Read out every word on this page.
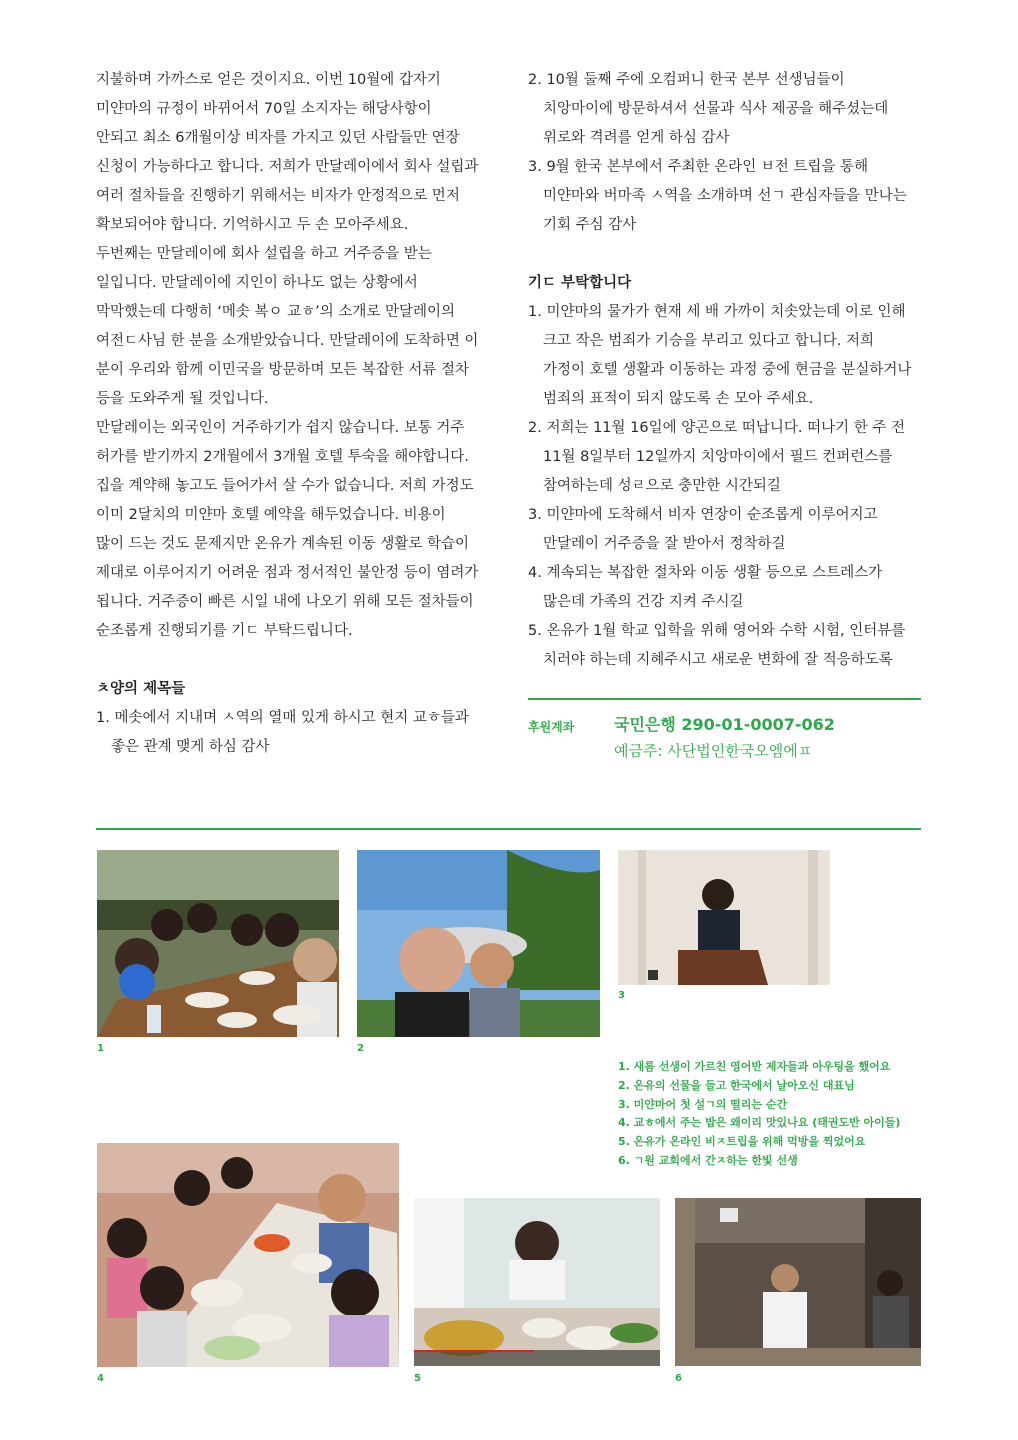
지불하며 가까스로 얻은 것이지요. 이번 10월에 갑자기

미얀마의 규정이 바뀌어서 70일 소지자는 해당사항이

안되고 최소 6개월이상 비자를 가지고 있던 사람들만 연장

신청이 가능하다고 합니다. 저희가 만달레이에서 회사 설립과

여러 절차들을 진행하기 위해서는 비자가 안정적으로 먼저

확보되어야 합니다. 기억하시고 두 손 모아주세요.

두번째는 만달레이에 회사 설립을 하고 거주증을 받는

일입니다. 만달레이에 지인이 하나도 없는 상황에서

막막했는데 다행히 ‘메솟 복ㅇ 교ㅎ’의 소개로 만달레이의

여전ㄷ사님 한 분을 소개받았습니다. 만달레이에 도착하면 이

분이 우리와 함께 이민국을 방문하며 모든 복잡한 서류 절차

등을 도와주게 될 것입니다.

만달레이는 외국인이 거주하기가 쉽지 않습니다. 보통 거주

허가를 받기까지 2개월에서 3개월 호텔 투숙을 해야합니다.

집을 계약해 놓고도 들어가서 살 수가 없습니다. 저희 가정도

이미 2달치의 미얀마 호텔 예약을 해두었습니다. 비용이

많이 드는 것도 문제지만 온유가 계속된 이동 생활로 학습이

제대로 이루어지기 어려운 점과 정서적인 불안정 등이 염려가

됩니다. 거주증이 빠른 시일 내에 나오기 위해 모든 절차들이

순조롭게 진행되기를 기ㄷ 부탁드립니다.

ㅊ양의 제목들

1. 메솟에서 지내며 ㅅ역의 열매 있게 하시고 현지 교ㅎ들과

좋은 관계 맺게 하심 감사

2. 10월 둘째 주에 오컴퍼니 한국 본부 선생님들이

치앙마이에 방문하셔서 선물과 식사 제공을 해주셨는데

위로와 격려를 얻게 하심 감사

3. 9월 한국 본부에서 주최한 온라인 ㅂ전 트립을 통해

미얀마와 버마족 ㅅ역을 소개하며 선ㄱ 관심자들을 만나는

기회 주심 감사

기ㄷ 부탁합니다

1. 미얀마의 물가가 현재 세 배 가까이 치솟았는데 이로 인해

크고 작은 범죄가 기승을 부리고 있다고 합니다. 저희

가정이 호텔 생활과 이동하는 과정 중에 현금을 분실하거나

범죄의 표적이 되지 않도록 손 모아 주세요.

2. 저희는 11월 16일에 양곤으로 떠납니다. 떠나기 한 주 전

11월 8일부터 12일까지 치앙마이에서 필드 컨퍼런스를

참여하는데 성ㄹ으로 충만한 시간되길

3. 미얀마에 도착해서 비자 연장이 순조롭게 이루어지고

만달레이 거주증을 잘 받아서 정착하길

4. 계속되는 복잡한 절차와 이동 생활 등으로 스트레스가

많은데 가족의 건강 지켜 주시길

5. 온유가 1월 학교 입학을 위해 영어와 수학 시험, 인터뷰를

치러야 하는데 지혜주시고 새로운 변화에 잘 적응하도록

후원계좌 국민은행 290-01-0007-062
예금주: 사단법인한국오엠에ㅍ
1	2
3

1. 새롬 선생이 가르친 영어반 제자들과 아우팅을 했어요

2. 온유의 선물을 들고 한국에서 날아오신 대표님

3. 미얀마어 첫 설ㄱ의 떨리는 순간

4. 교ㅎ에서 주는 밥은 왜이리 맛있나요 (태권도반 아이들)

5. 온유가 온라인 비ㅈ트립을 위해 먹방을 찍었어요

6. ㄱ원 교회에서 간ㅈ하는 한빛 선생

4	5	6
